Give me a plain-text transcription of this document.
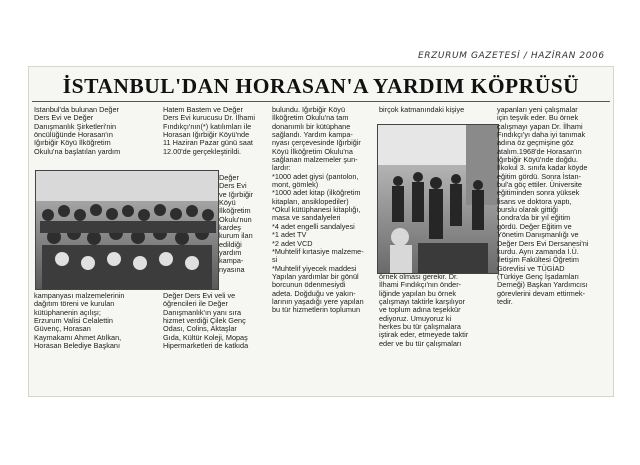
ERZURUM GAZETESİ / HAZİRAN 2006
İSTANBUL'DAN HORASAN'A YARDIM KÖPRÜSÜ
İstanbul'da bulunan Değer
Ders Evi ve Değer
Danışmanlık Şirketleri'nin
öncülüğünde Horasan'ın
Iğırbiğir Köyü İlköğretim
Okulu'na başlatılan yardım
kampanyası malzemelerinin
dağıtım töreni ve kurulan
kütüphanenin açılışı;
Erzurum Valisi Celalettin
Güvenç, Horasan
Kaymakamı Ahmet Atılkan,
Horasan Belediye Başkanı
Hatem Bastem ve Değer
Ders Evi kurucusu Dr. İlhami
Fındıkçı'nın(*) katılımları ile
Horasan Iğırbiğir Köyü'nde
11 Haziran Pazar günü saat
12.00'de gerçekleştirildi.
Değer
Ders Evi
ve Iğırbiğir
Köyü
İlköğretim
Okulu'nun
kardeş
kurum ilan
edildiği
yardım
kampa-
nyasına
Değer Ders Evi veli ve
öğrencileri ile Değer
Danışmanlık'ın yanı sıra
hizmet verdiği Çilek Genç
Odası, Colins, Aktaşlar
Gıda, Kültür Koleji, Mopaş
Hipermarketleri de katkıda
bulundu. Iğırbiğir Köyü
İlköğretim Okulu'na tam
donanımlı bir kütüphane
sağlandı. Yardım kampa-
nyası çerçevesinde Iğırbiğir
Köyü İlköğretim Okulu'na
sağlanan malzemeler şun-
lardır:
*1000 adet giysi (pantolon,
mont, gömlek)
*1000 adet kitap (ilköğretim
kitapları, ansiklopediler)
*Okul kütüphanesi kitaplığı,
masa ve sandalyeleri
*4 adet engelli sandalyesi
*1 adet TV
*2 adet VCD
*Muhtelif kırtasiye malzeme-
si
*Muhtelif yiyecek maddesi
Yapılan yardımlar bir gönül
borcunun ödenmesiydi
adeta. Doğduğu ve yakın-
larının yaşadığı yere yapılan
bu tür hizmetlerin toplumun
birçok katmanındaki kişiye
örnek olması gerekir. Dr.
İlhami Fındıkçı'nın önder-
liğinde yapılan bu örnek
çalışmayı taktirle karşılıyor
ve toplum adına teşekkür
ediyoruz. Umuyoruz ki
herkes bu tür çalışmalara
iştirak eder, etmeyede taktir
eder ve bu tür çalışmaları
yapanları yeni çalışmalar
için teşvik eder. Bu örnek
çalışmayı yapan Dr. İlhami
Fındıkçı'yı daha iyi tanımak
adına öz geçmişine göz
atalım.1968'de Horasan'ın
Iğırbiğir Köyü'nde doğdu.
İlkokul 3. sınıfa kadar köyde
eğitim gördü. Sonra İstan-
bul'a göç ettiler. Üniversite
eğitiminden sonra yüksek
lisans ve doktora yaptı,
burslu olarak gittiği
Londra'da bir yıl eğitim
gördü. Değer Eğitim ve
Yönetim Danışmanlığı ve
Değer Ders Evi Dersanesi'ni
kurdu. Aynı zamanda İ.Ü.
İletişim Fakültesi Öğretim
Görevlisi ve TÜGİAD
(Türkiye Genç İşadamları
Derneği) Başkan Yardımcısı
görevlerini devam ettirmek-
tedir.
